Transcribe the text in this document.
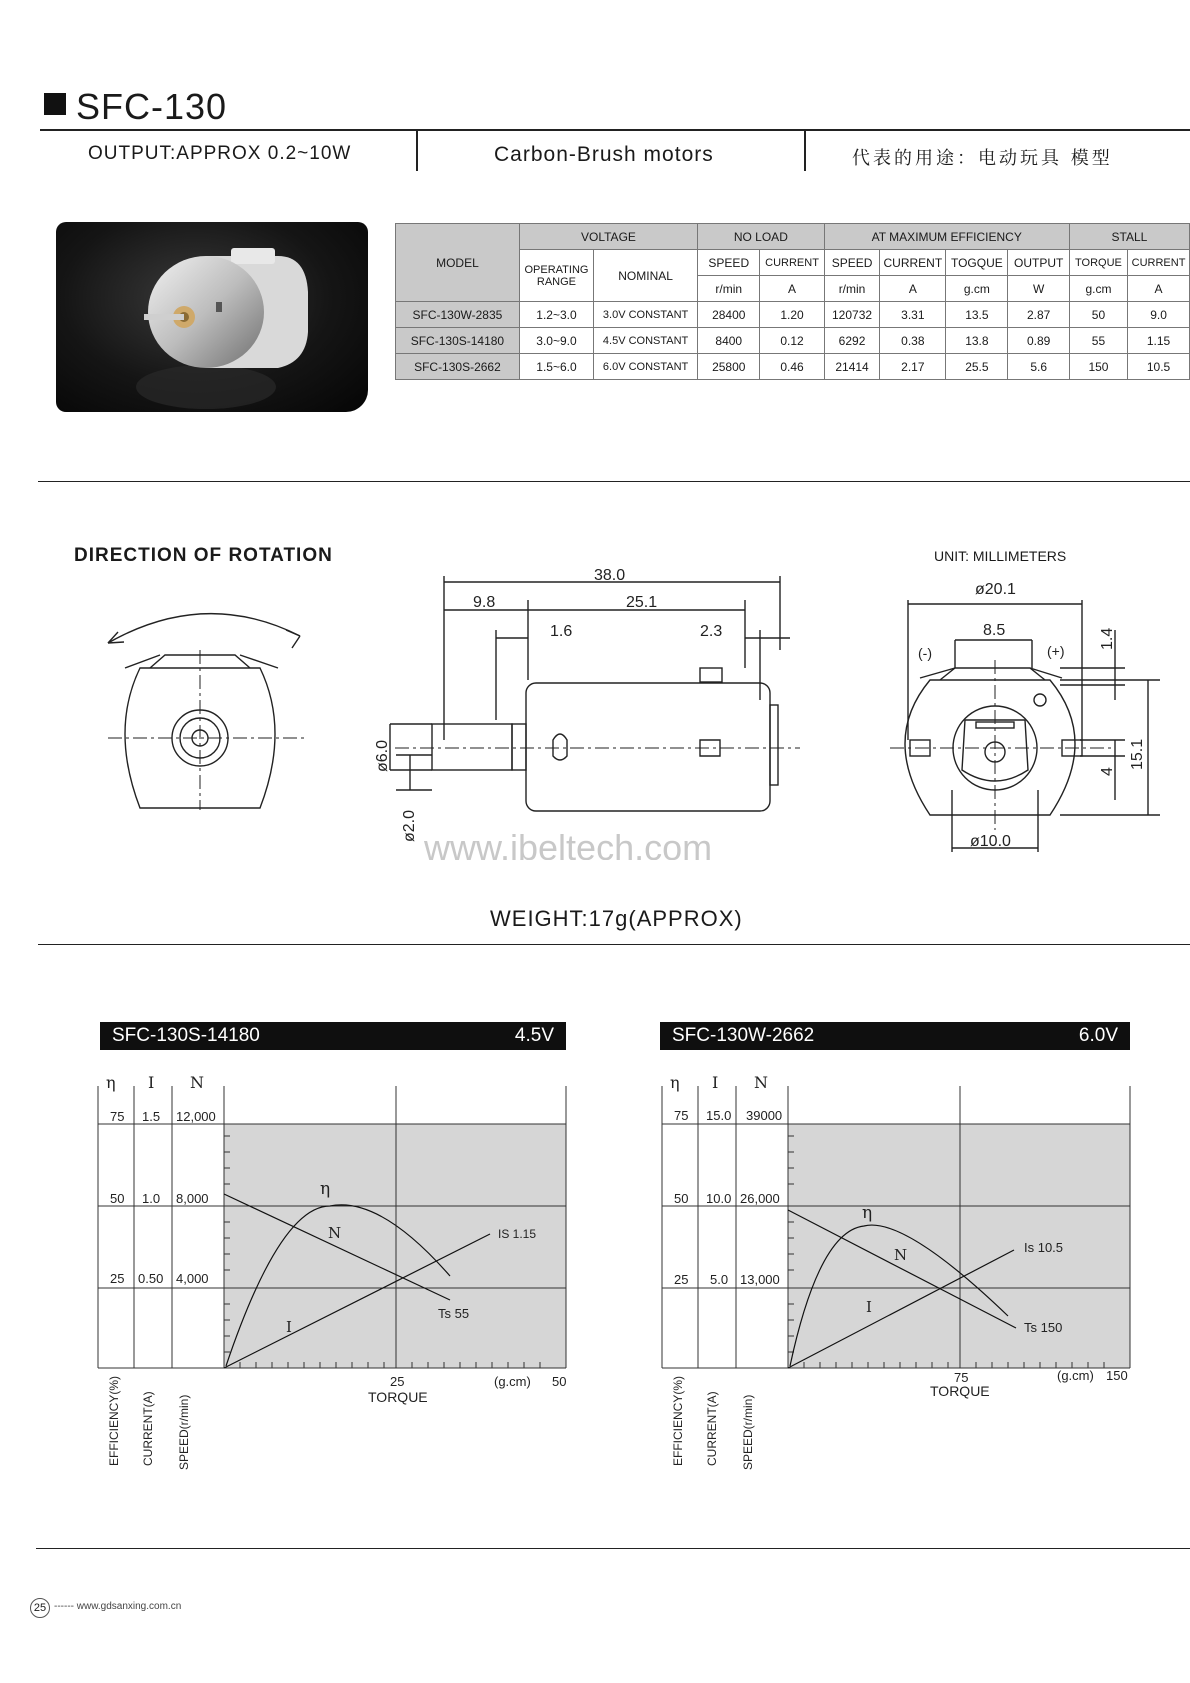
SFC-130
OUTPUT:APPROX 0.2~10W	Carbon-Brush motors	代表的用途：电动玩具 模型
MODEL	VOLTAGE		NO LOAD		AT MAXIMUM EFFICIENCY				STALL	
	OPERATING RANGE	NOMINAL	SPEED	CURRENT	SPEED	CURRENT	TOGQUE	OUTPUT	TORQUE	CURRENT
			r/min	A	r/min	A	g.cm	W	g.cm	A
SFC-130W-2835	1.2~3.0	3.0V CONSTANT	28400	1.20	120732	3.31	13.5	2.87	50	9.0
SFC-130S-14180	3.0~9.0	4.5V CONSTANT	8400	0.12	6292	0.38	13.8	0.89	55	1.15
SFC-130S-2662	1.5~6.0	6.0V CONSTANT	25800	0.46	21414	2.17	25.5	5.6	150	10.5
DIRECTION OF ROTATION	UNIT: MILLIMETERS
38.0
9.8	25.1
1.6	2.3
ø6.0
ø2.0
ø20.1
8.5	1.4
15.1
4
ø10.0
(-)	(+)
www.ibeltech.com
WEIGHT:17g(APPROX)
SFC-130S-14180	4.5V
η I N
75
50
25
1.5
1.0
0.50
12,000
8,000
4,000
25	50
(g.cm)
TORQUE
η
N
I
IS 1.15
Ts 55
EFFICIENCY(%) CURRENT(A) SPEED(r/min)
SFC-130W-2662	6.0V
η I N
75
50
25
15.0
10.0
5.0
39000
26,000
13,000
75	150
(g.cm)
TORQUE
η
N
I
Is 10.5
Ts 150
EFFICIENCY(%) CURRENT(A) SPEED(r/min)
25 ------ www.gdsanxing.com.cn
